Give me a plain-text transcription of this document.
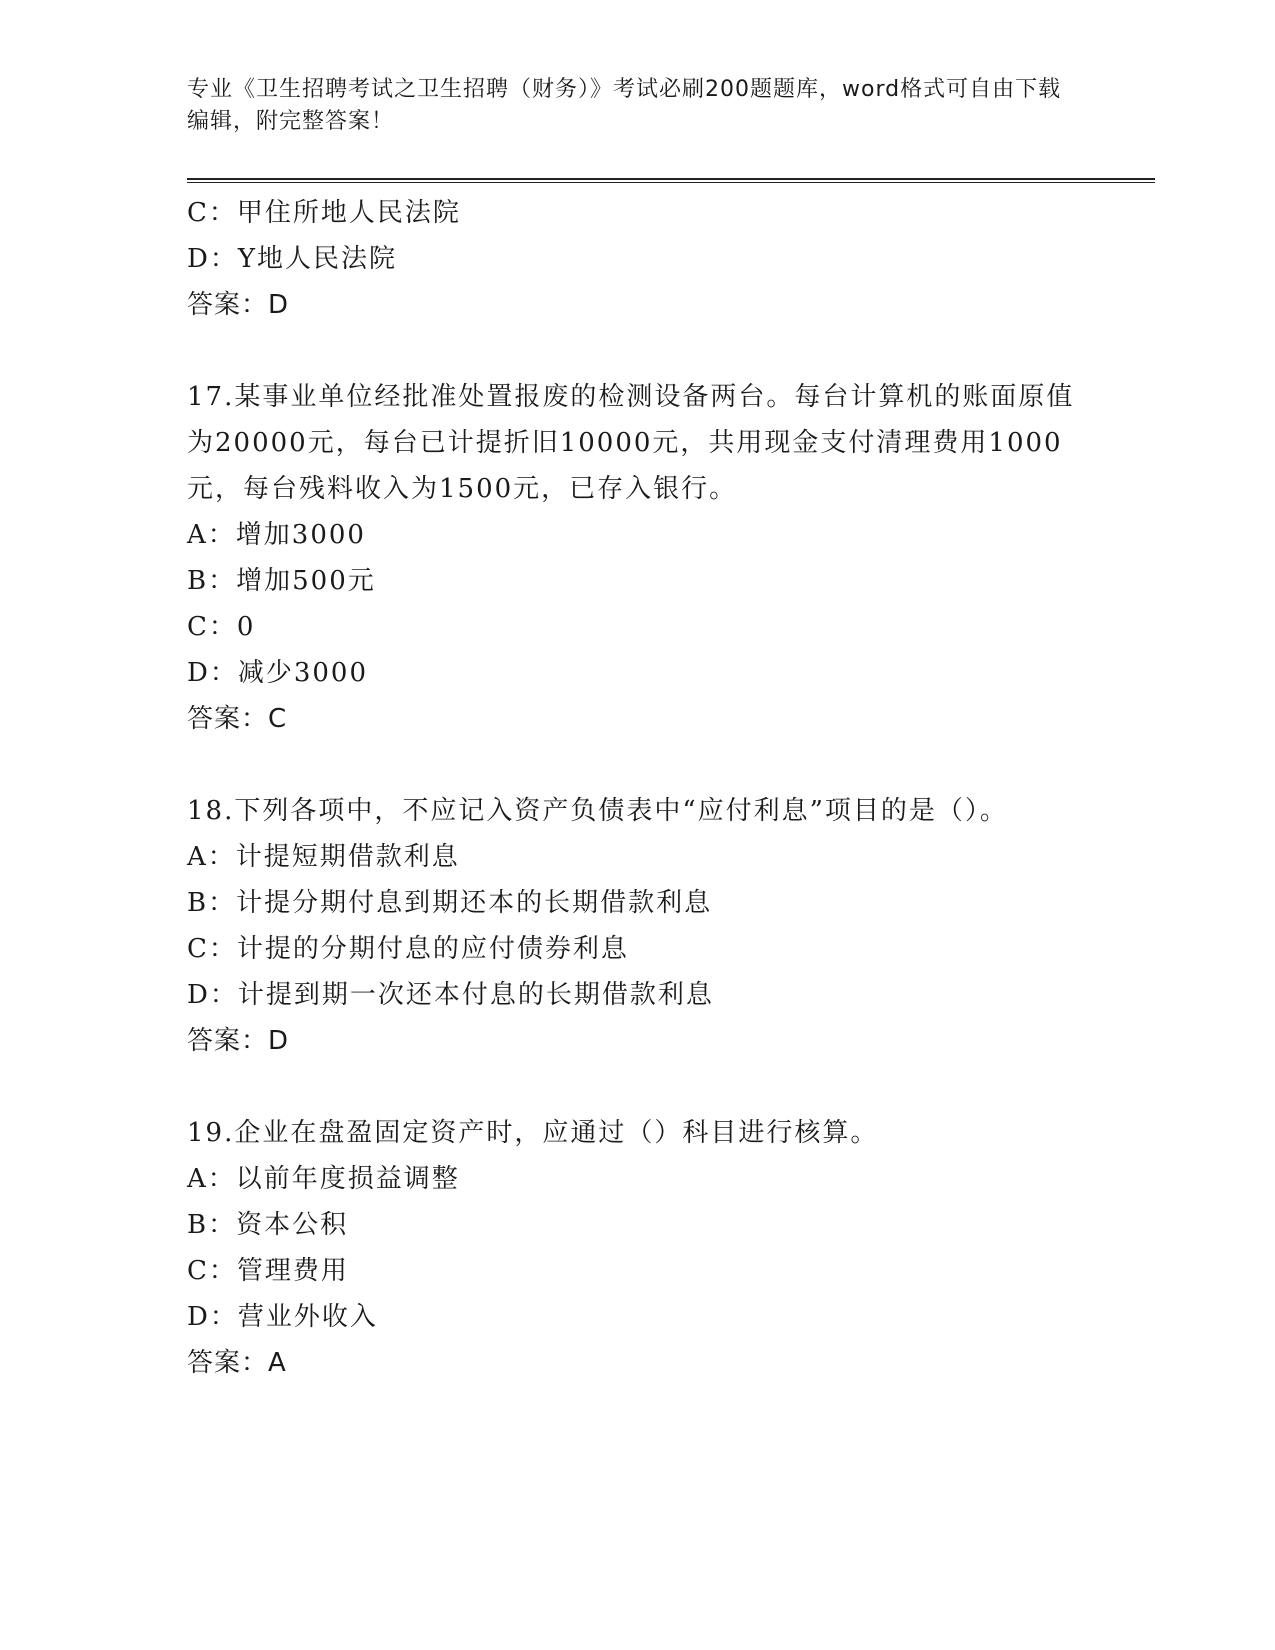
专业《卫生招聘考试之卫生招聘（财务）》考试必刷200题题库，word格式可自由下载编辑，附完整答案！
C：甲住所地人民法院
D：Y地人民法院
答案：D
17.某事业单位经批准处置报废的检测设备两台。每台计算机的账面原值为20000元，每台已计提折旧10000元，共用现金支付清理费用1000元，每台残料收入为1500元，已存入银行。
A：增加3000
B：增加500元
C：0
D：减少3000
答案：C
18.下列各项中，不应记入资产负债表中“应付利息”项目的是（）。
A：计提短期借款利息
B：计提分期付息到期还本的长期借款利息
C：计提的分期付息的应付债券利息
D：计提到期一次还本付息的长期借款利息
答案：D
19.企业在盘盈固定资产时，应通过（）科目进行核算。
A：以前年度损益调整
B：资本公积
C：管理费用
D：营业外收入
答案：A
